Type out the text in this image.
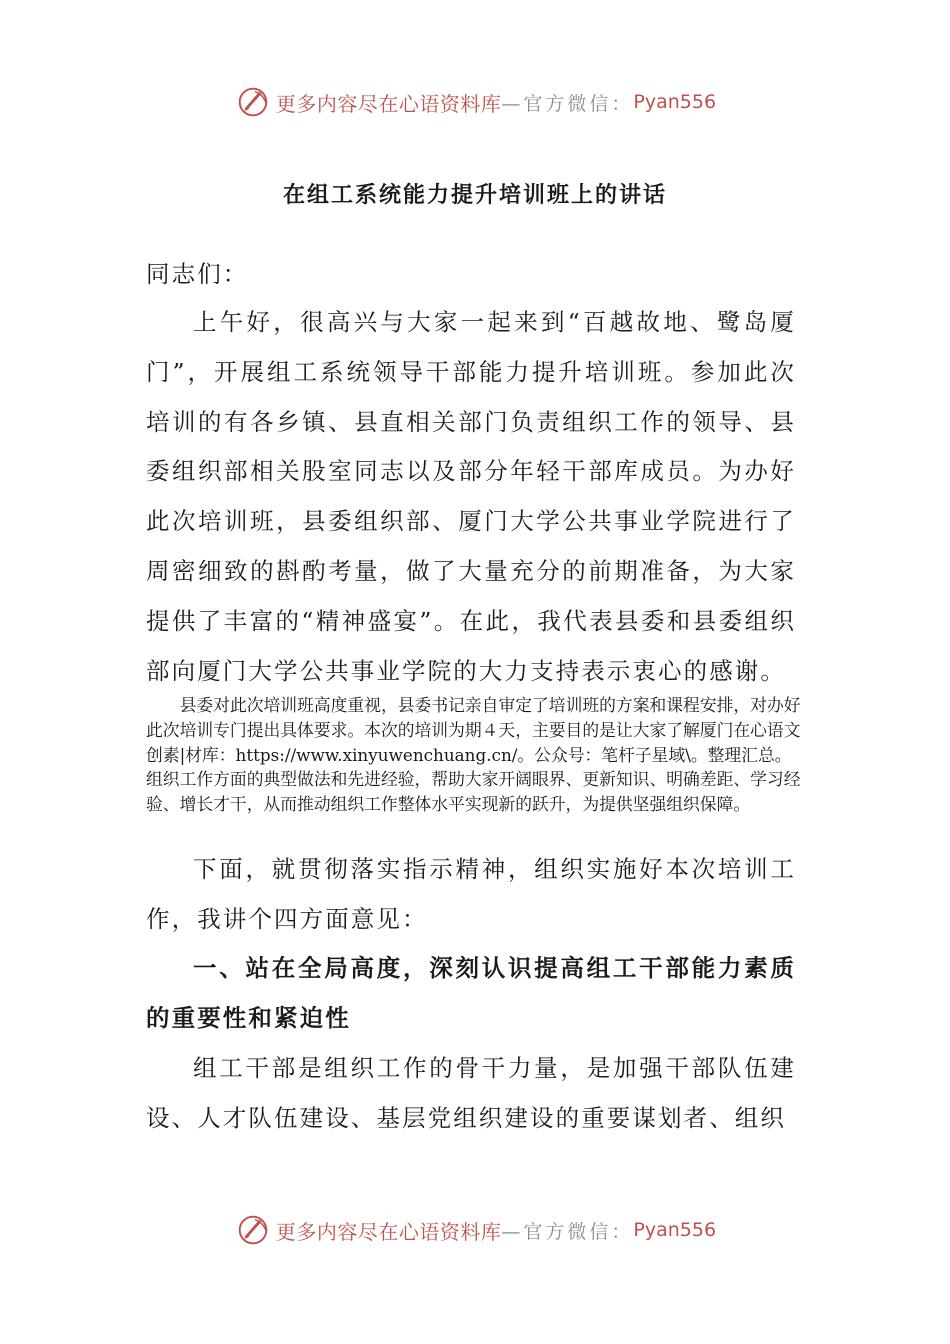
更多内容尽在心语资料库 —官方微信： Pyan556
在组工系统能力提升培训班上的讲话

同志们：

上午好，很高兴与大家一起来到“百越故地、鹭岛厦门”，开展组工系统领导干部能力提升培训班。参加此次培训的有各乡镇、县直相关部门负责组织工作的领导、县委组织部相关股室同志以及部分年轻干部库成员。为办好此次培训班，县委组织部、厦门大学公共事业学院进行了周密细致的斟酌考量，做了大量充分的前期准备，为大家提供了丰富的“精神盛宴”。在此，我代表县委和县委组织部向厦门大学公共事业学院的大力支持表示衷心的感谢。

县委对此次培训班高度重视，县委书记亲自审定了培训班的方案和课程安排，对办好此次培训专门提出具体要求。本次的培训为期４天，主要目的是让大家了解厦门在心语文创素|材库：https://www.xinyuwenchuang.cn/。公众号：笔杆子星域\。整理汇总。组织工作方面的典型做法和先进经验，帮助大家开阔眼界、更新知识、明确差距、学习经验、增长才干，从而推动组织工作整体水平实现新的跃升，为提供坚强组织保障。

下面，就贯彻落实指示精神，组织实施好本次培训工作，我讲个四方面意见：

一、站在全局高度，深刻认识提高组工干部能力素质的重要性和紧迫性

组工干部是组织工作的骨干力量，是加强干部队伍建设、人才队伍建设、基层党组织建设的重要谋划者、组织

更多内容尽在心语资料库 —官方微信： Pyan556
